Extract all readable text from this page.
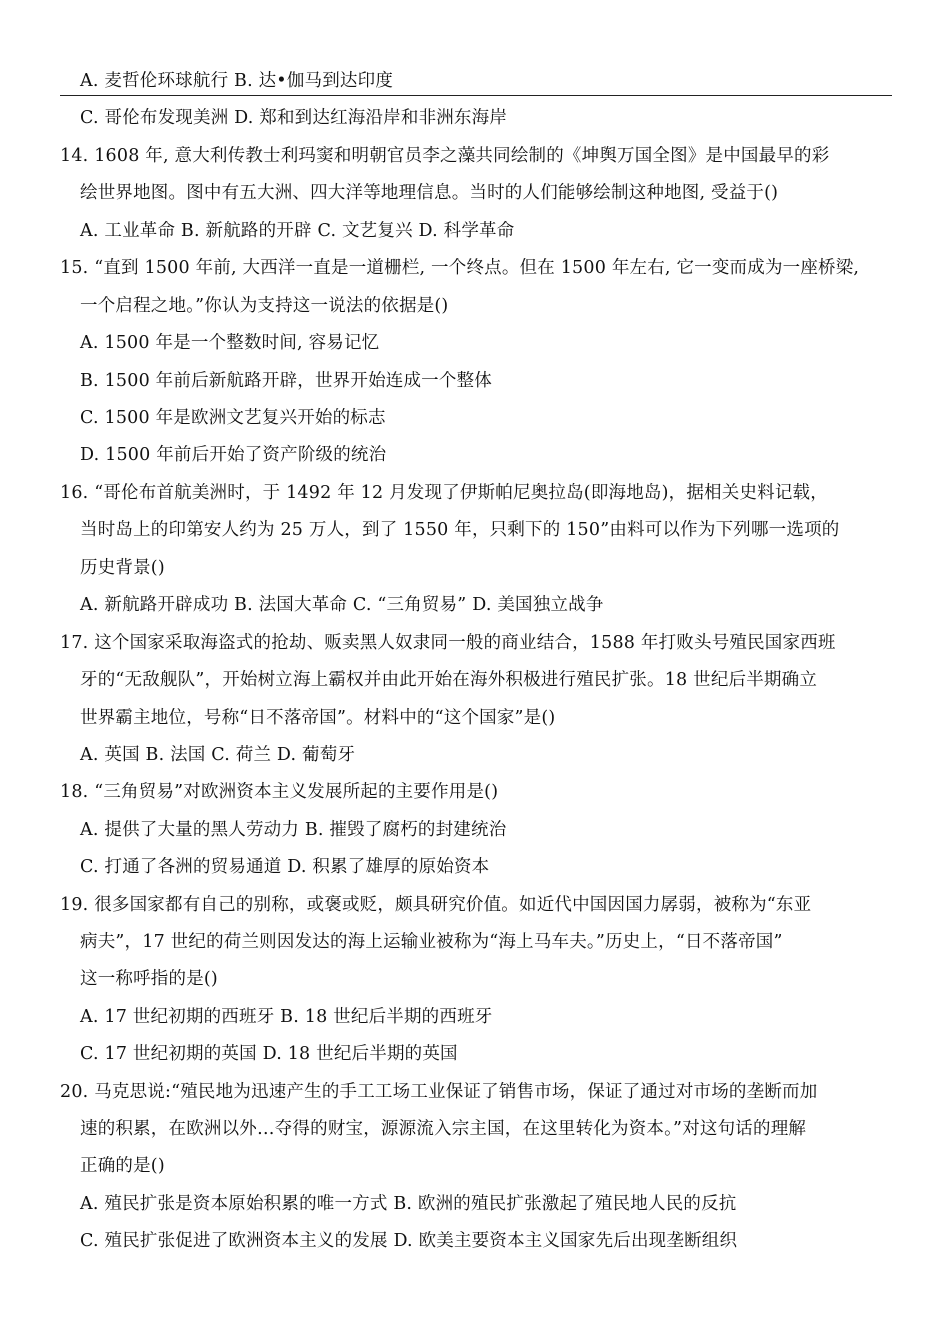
A. 麦哲伦环球航行 B. 达•伽马到达印度
C. 哥伦布发现美洲 D. 郑和到达红海沿岸和非洲东海岸
14. 1608 年, 意大利传教士利玛窦和明朝官员李之藻共同绘制的《坤舆万国全图》是中国最早的彩
绘世界地图。图中有五大洲、四大洋等地理信息。当时的人们能够绘制这种地图, 受益于()
A. 工业革命 B. 新航路的开辟 C. 文艺复兴 D. 科学革命
15. “直到 1500 年前, 大西洋一直是一道栅栏, 一个终点。但在 1500 年左右, 它一变而成为一座桥梁,
一个启程之地。”你认为支持这一说法的依据是()
A. 1500 年是一个整数时间, 容易记忆
B. 1500 年前后新航路开辟，世界开始连成一个整体
C. 1500 年是欧洲文艺复兴开始的标志
D. 1500 年前后开始了资产阶级的统治
16. “哥伦布首航美洲时，于 1492 年 12 月发现了伊斯帕尼奥拉岛(即海地岛)，据相关史料记载，
当时岛上的印第安人约为 25 万人，到了 1550 年，只剩下的 150”由料可以作为下列哪一选项的
历史背景()
A. 新航路开辟成功 B. 法国大革命 C. “三角贸易” D. 美国独立战争
17. 这个国家采取海盗式的抢劫、贩卖黑人奴隶同一般的商业结合，1588 年打败头号殖民国家西班
牙的“无敌舰队”，开始树立海上霸权并由此开始在海外积极进行殖民扩张。18 世纪后半期确立
世界霸主地位，号称“日不落帝国”。材料中的“这个国家”是()
A. 英国 B. 法国 C. 荷兰 D. 葡萄牙
18. “三角贸易”对欧洲资本主义发展所起的主要作用是()
A. 提供了大量的黑人劳动力 B. 摧毁了腐朽的封建统治
C. 打通了各洲的贸易通道 D. 积累了雄厚的原始资本
19. 很多国家都有自己的别称，或褒或贬，颇具研究价值。如近代中国因国力孱弱，被称为“东亚
病夫”，17 世纪的荷兰则因发达的海上运输业被称为“海上马车夫。”历史上，“日不落帝国”
这一称呼指的是()
A. 17 世纪初期的西班牙 B. 18 世纪后半期的西班牙
C. 17 世纪初期的英国 D. 18 世纪后半期的英国
20. 马克思说:“殖民地为迅速产生的手工工场工业保证了销售市场，保证了通过对市场的垄断而加
速的积累，在欧洲以外…夺得的财宝，源源流入宗主国，在这里转化为资本。”对这句话的理解
正确的是()
A. 殖民扩张是资本原始积累的唯一方式 B. 欧洲的殖民扩张激起了殖民地人民的反抗
C. 殖民扩张促进了欧洲资本主义的发展 D. 欧美主要资本主义国家先后出现垄断组织
